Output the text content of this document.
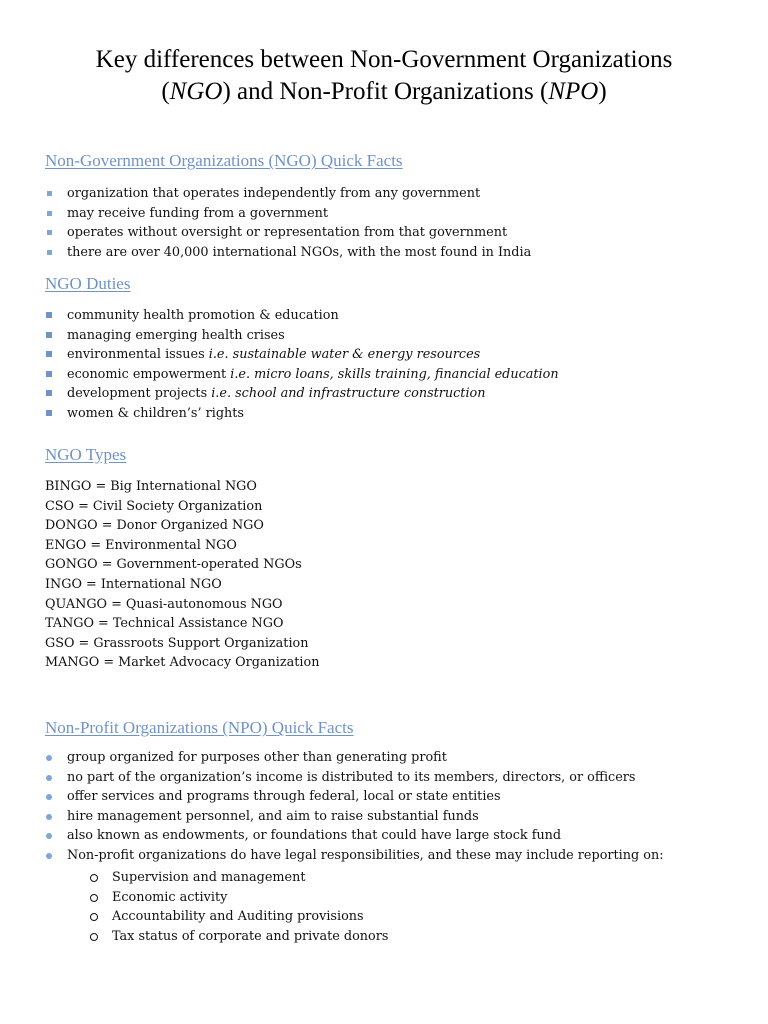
Key differences between Non-Government Organizations
(NGO) and Non-Profit Organizations (NPO)
Non-Government Organizations (NGO) Quick Facts
organization that operates independently from any government
may receive funding from a government
operates without oversight or representation from that government
there are over 40,000 international NGOs, with the most found in India
NGO Duties
community health promotion & education
managing emerging health crises
environmental issues i.e. sustainable water & energy resources
economic empowerment i.e. micro loans, skills training, financial education
development projects i.e. school and infrastructure construction
women & children’s’ rights
NGO Types
BINGO = Big International NGO
CSO = Civil Society Organization
DONGO = Donor Organized NGO
ENGO = Environmental NGO
GONGO = Government-operated NGOs
INGO = International NGO
QUANGO = Quasi-autonomous NGO
TANGO = Technical Assistance NGO
GSO = Grassroots Support Organization
MANGO = Market Advocacy Organization
Non-Profit Organizations (NPO) Quick Facts
group organized for purposes other than generating profit
no part of the organization’s income is distributed to its members, directors, or officers
offer services and programs through federal, local or state entities
hire management personnel, and aim to raise substantial funds
also known as endowments, or foundations that could have large stock fund
Non-profit organizations do have legal responsibilities, and these may include reporting on:
Supervision and management
Economic activity
Accountability and Auditing provisions
Tax status of corporate and private donors
